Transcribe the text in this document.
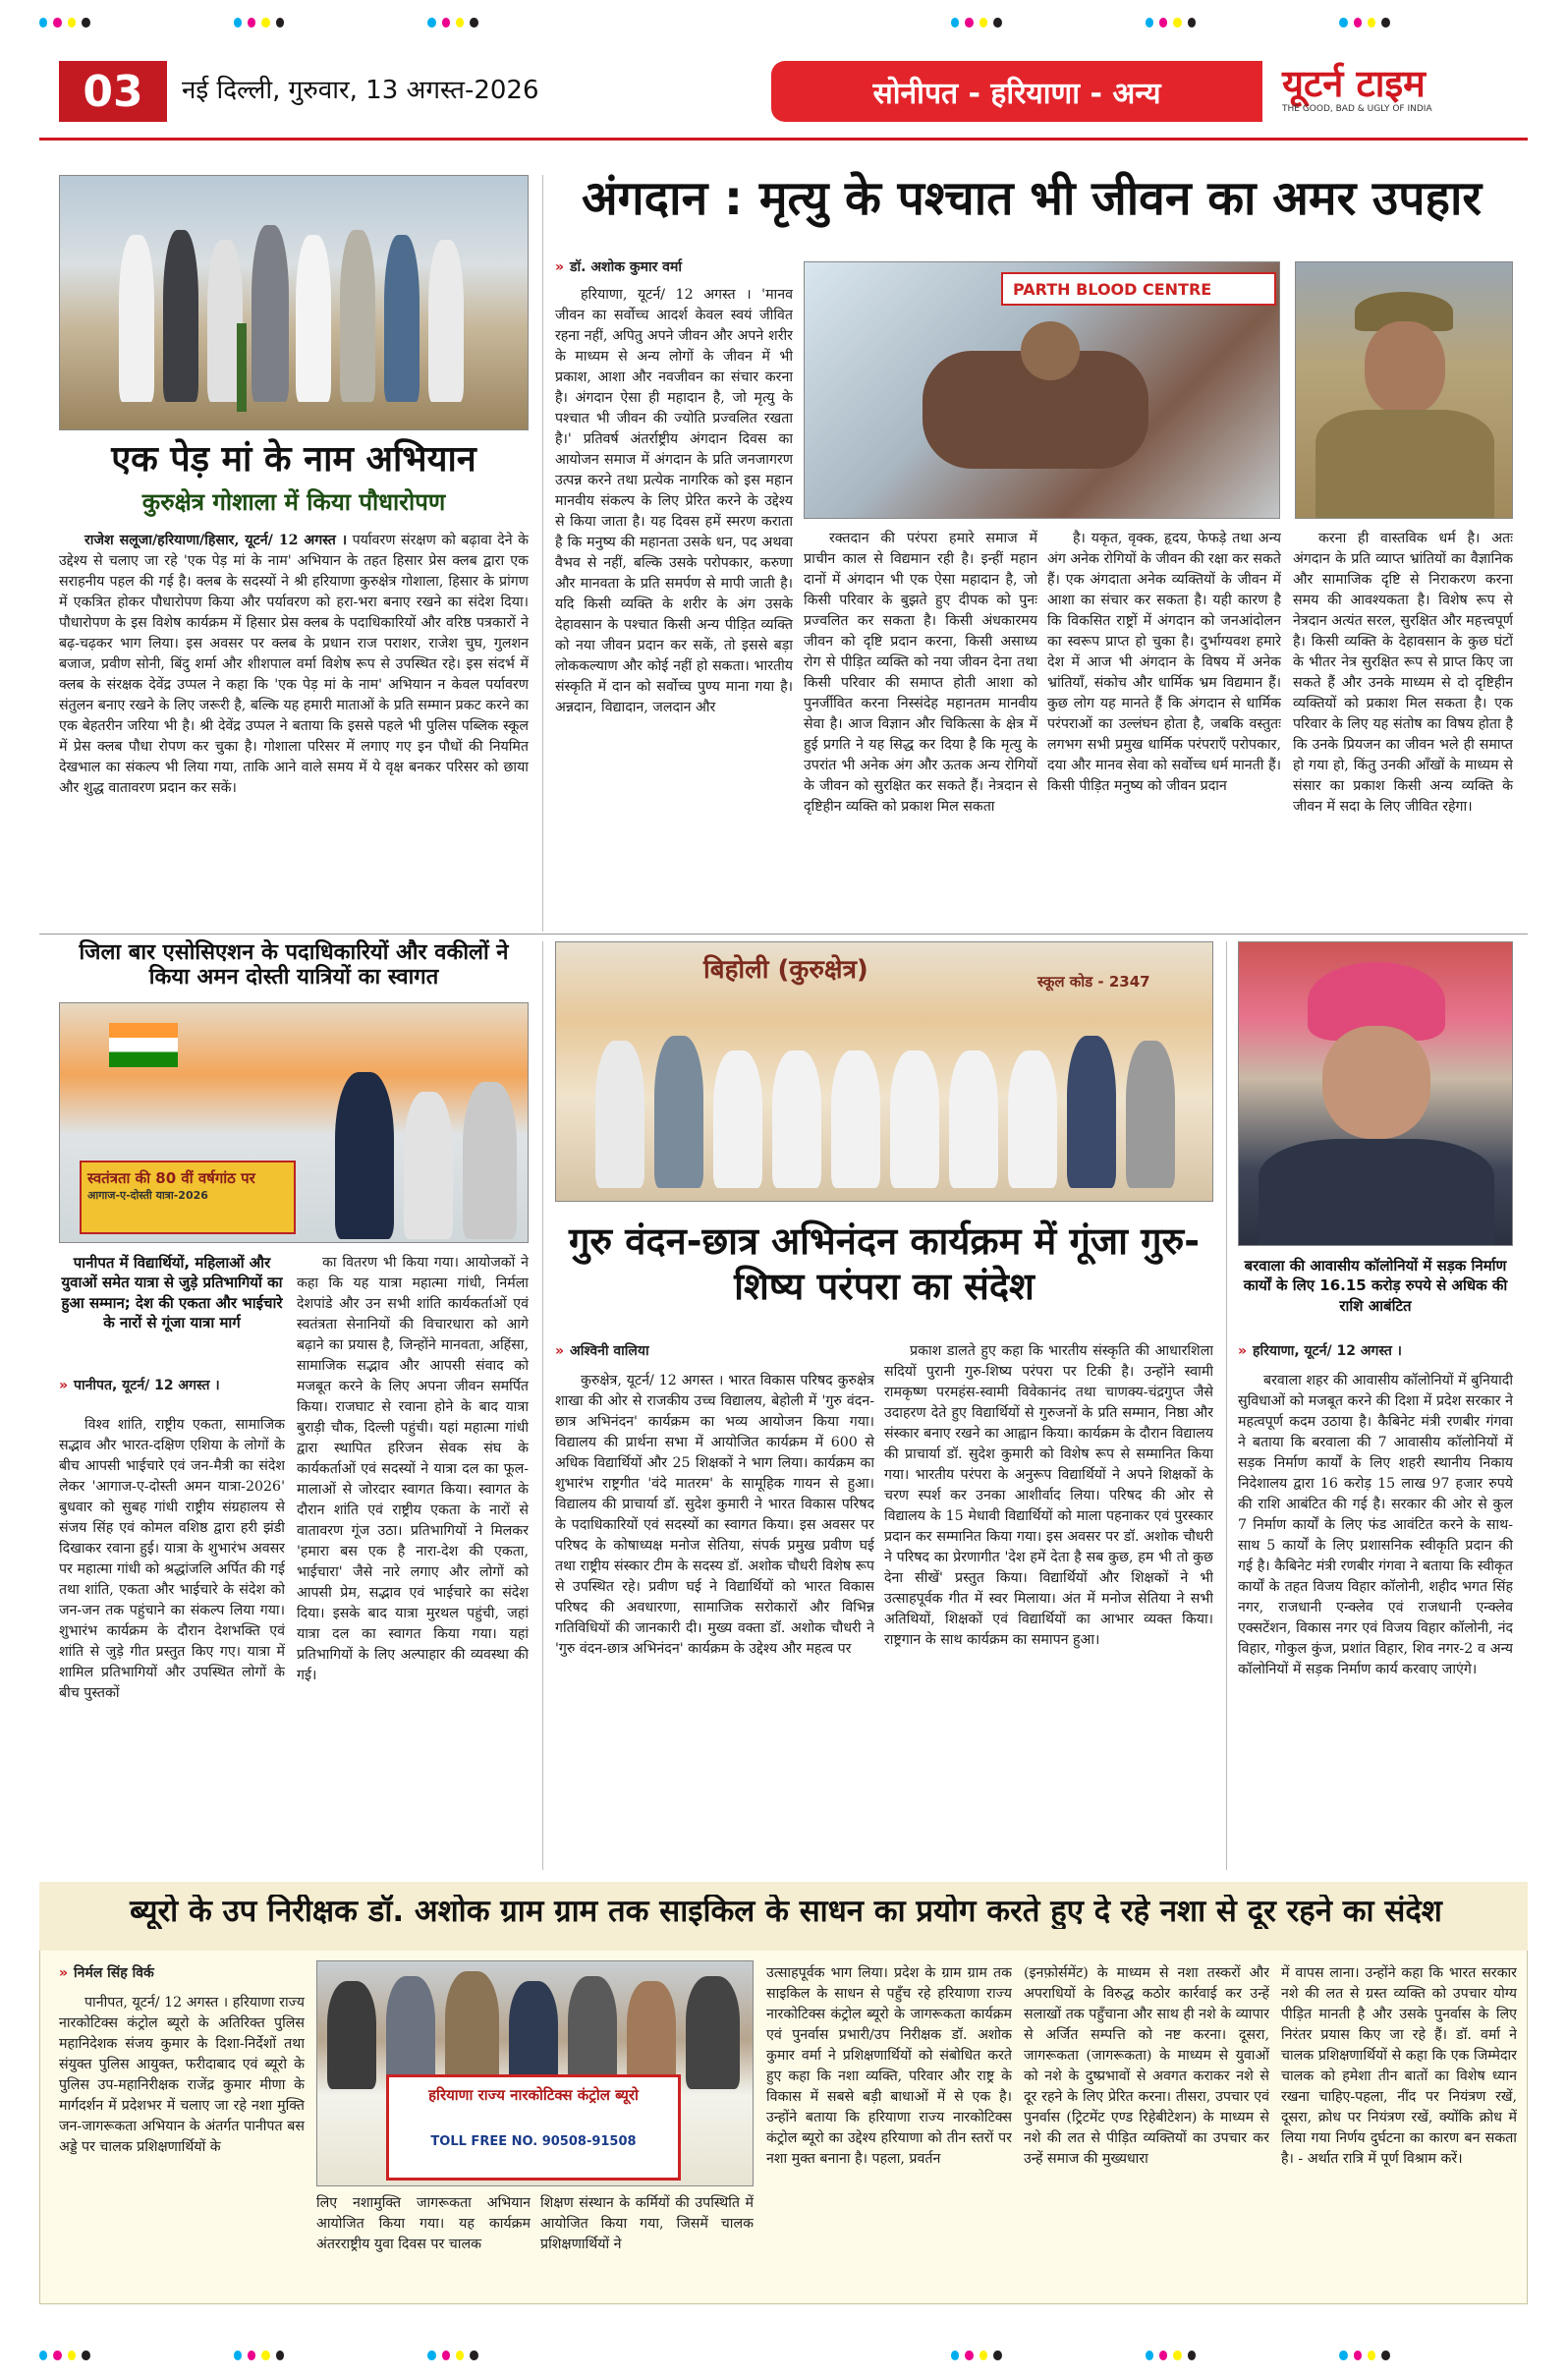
03	नई दिल्ली, गुरुवार, 13 अगस्त-2026	सोनीपत - हरियाणा - अन्य	यूटर्न टाइम
THE GOOD, BAD & UGLY OF INDIA
एक पेड़ मां के नाम अभियान
कुरुक्षेत्र गोशाला में किया पौधारोपण

राजेश सलूजा/हरियाणा/हिसार, यूटर्न/ 12 अगस्त । पर्यावरण संरक्षण को बढ़ावा देने के उद्देश्य से चलाए जा रहे 'एक पेड़ मां के नाम' अभियान के तहत हिसार प्रेस क्लब द्वारा एक सराहनीय पहल की गई है। क्लब के सदस्यों ने श्री हरियाणा कुरुक्षेत्र गोशाला, हिसार के प्रांगण में एकत्रित होकर पौधारोपण किया और पर्यावरण को हरा-भरा बनाए रखने का संदेश दिया। पौधारोपण के इस विशेष कार्यक्रम में हिसार प्रेस क्लब के पदाधिकारियों और वरिष्ठ पत्रकारों ने बढ़-चढ़कर भाग लिया। इस अवसर पर क्लब के प्रधान राज पराशर, राजेश चुघ, गुलशन बजाज, प्रवीण सोनी, बिंदु शर्मा और शीशपाल वर्मा विशेष रूप से उपस्थित रहे। इस संदर्भ में क्लब के संरक्षक देवेंद्र उप्पल ने कहा कि 'एक पेड़ मां के नाम' अभियान न केवल पर्यावरण संतुलन बनाए रखने के लिए जरूरी है, बल्कि यह हमारी माताओं के प्रति सम्मान प्रकट करने का एक बेहतरीन जरिया भी है। श्री देवेंद्र उप्पल ने बताया कि इससे पहले भी पुलिस पब्लिक स्कूल में प्रेस क्लब पौधा रोपण कर चुका है। गोशाला परिसर में लगाए गए इन पौधों की नियमित देखभाल का संकल्प भी लिया गया, ताकि आने वाले समय में ये वृक्ष बनकर परिसर को छाया और शुद्ध वातावरण प्रदान कर सकें।

अंगदान : मृत्यु के पश्चात भी जीवन का अमर उपहार
» डॉ. अशोक कुमार वर्मा

हरियाणा, यूटर्न/ 12 अगस्त । 'मानव जीवन का सर्वोच्च आदर्श केवल स्वयं जीवित रहना नहीं, अपितु अपने जीवन और अपने शरीर के माध्यम से अन्य लोगों के जीवन में भी प्रकाश, आशा और नवजीवन का संचार करना है। अंगदान ऐसा ही महादान है, जो मृत्यु के पश्चात भी जीवन की ज्योति प्रज्वलित रखता है।' प्रतिवर्ष अंतर्राष्ट्रीय अंगदान दिवस का आयोजन समाज में अंगदान के प्रति जनजागरण उत्पन्न करने तथा प्रत्येक नागरिक को इस महान मानवीय संकल्प के लिए प्रेरित करने के उद्देश्य से किया जाता है। यह दिवस हमें स्मरण कराता है कि मनुष्य की महानता उसके धन, पद अथवा वैभव से नहीं, बल्कि उसके परोपकार, करुणा और मानवता के प्रति समर्पण से मापी जाती है। यदि किसी व्यक्ति के शरीर के अंग उसके देहावसान के पश्चात किसी अन्य पीड़ित व्यक्ति को नया जीवन प्रदान कर सकें, तो इससे बड़ा लोककल्याण और कोई नहीं हो सकता। भारतीय संस्कृति में दान को सर्वोच्च पुण्य माना गया है। अन्नदान, विद्यादान, जलदान और

PARTH BLOOD CENTRE

रक्तदान की परंपरा हमारे समाज में प्राचीन काल से विद्यमान रही है। इन्हीं महान दानों में अंगदान भी एक ऐसा महादान है, जो किसी परिवार के बुझते हुए दीपक को पुनः प्रज्वलित कर सकता है। किसी अंधकारमय जीवन को दृष्टि प्रदान करना, किसी असाध्य रोग से पीड़ित व्यक्ति को नया जीवन देना तथा किसी परिवार की समाप्त होती आशा को पुनर्जीवित करना निस्संदेह महानतम मानवीय सेवा है। आज विज्ञान और चिकित्सा के क्षेत्र में हुई प्रगति ने यह सिद्ध कर दिया है कि मृत्यु के उपरांत भी अनेक अंग और ऊतक अन्य रोगियों के जीवन को सुरक्षित कर सकते हैं। नेत्रदान से दृष्टिहीन व्यक्ति को प्रकाश मिल सकता

है। यकृत, वृक्क, हृदय, फेफड़े तथा अन्य अंग अनेक रोगियों के जीवन की रक्षा कर सकते हैं। एक अंगदाता अनेक व्यक्तियों के जीवन में आशा का संचार कर सकता है। यही कारण है कि विकसित राष्ट्रों में अंगदान को जनआंदोलन का स्वरूप प्राप्त हो चुका है। दुर्भाग्यवश हमारे देश में आज भी अंगदान के विषय में अनेक भ्रांतियाँ, संकोच और धार्मिक भ्रम विद्यमान हैं। कुछ लोग यह मानते हैं कि अंगदान से धार्मिक परंपराओं का उल्लंघन होता है, जबकि वस्तुतः लगभग सभी प्रमुख धार्मिक परंपराएँ परोपकार, दया और मानव सेवा को सर्वोच्च धर्म मानती हैं। किसी पीड़ित मनुष्य को जीवन प्रदान

करना ही वास्तविक धर्म है। अतः अंगदान के प्रति व्याप्त भ्रांतियों का वैज्ञानिक और सामाजिक दृष्टि से निराकरण करना समय की आवश्यकता है। विशेष रूप से नेत्रदान अत्यंत सरल, सुरक्षित और महत्त्वपूर्ण है। किसी व्यक्ति के देहावसान के कुछ घंटों के भीतर नेत्र सुरक्षित रूप से प्राप्त किए जा सकते हैं और उनके माध्यम से दो दृष्टिहीन व्यक्तियों को प्रकाश मिल सकता है। एक परिवार के लिए यह संतोष का विषय होता है कि उनके प्रियजन का जीवन भले ही समाप्त हो गया हो, किंतु उनकी आँखों के माध्यम से संसार का प्रकाश किसी अन्य व्यक्ति के जीवन में सदा के लिए जीवित रहेगा।

जिला बार एसोसिएशन के पदाधिकारियों और वकीलों ने किया अमन दोस्ती यात्रियों का स्वागत
स्वतंत्रता की 80 वीं वर्षगांठ पर
आगाज-ए-दोस्ती यात्रा-2026
पानीपत में विद्यार्थियों, महिलाओं और युवाओं समेत यात्रा से जुड़े प्रतिभागियों का हुआ सम्मान; देश की एकता और भाईचारे के नारों से गूंजा यात्रा मार्ग
» पानीपत, यूटर्न/ 12 अगस्त ।

विश्व शांति, राष्ट्रीय एकता, सामाजिक सद्भाव और भारत-दक्षिण एशिया के लोगों के बीच आपसी भाईचारे एवं जन-मैत्री का संदेश लेकर 'आगाज-ए-दोस्ती अमन यात्रा-2026' बुधवार को सुबह गांधी राष्ट्रीय संग्रहालय से संजय सिंह एवं कोमल वशिष्ठ द्वारा हरी झंडी दिखाकर रवाना हुई। यात्रा के शुभारंभ अवसर पर महात्मा गांधी को श्रद्धांजलि अर्पित की गई तथा शांति, एकता और भाईचारे के संदेश को जन-जन तक पहुंचाने का संकल्प लिया गया। शुभारंभ कार्यक्रम के दौरान देशभक्ति एवं शांति से जुड़े गीत प्रस्तुत किए गए। यात्रा में शामिल प्रतिभागियों और उपस्थित लोगों के बीच पुस्तकों

का वितरण भी किया गया। आयोजकों ने कहा कि यह यात्रा महात्मा गांधी, निर्मला देशपांडे और उन सभी शांति कार्यकर्ताओं एवं स्वतंत्रता सेनानियों की विचारधारा को आगे बढ़ाने का प्रयास है, जिन्होंने मानवता, अहिंसा, सामाजिक सद्भाव और आपसी संवाद को मजबूत करने के लिए अपना जीवन समर्पित किया। राजघाट से रवाना होने के बाद यात्रा बुराड़ी चौक, दिल्ली पहुंची। यहां महात्मा गांधी द्वारा स्थापित हरिजन सेवक संघ के कार्यकर्ताओं एवं सदस्यों ने यात्रा दल का फूल-मालाओं से जोरदार स्वागत किया। स्वागत के दौरान शांति एवं राष्ट्रीय एकता के नारों से वातावरण गूंज उठा। प्रतिभागियों ने मिलकर 'हमारा बस एक है नारा-देश की एकता, भाईचारा' जैसे नारे लगाए और लोगों को आपसी प्रेम, सद्भाव एवं भाईचारे का संदेश दिया। इसके बाद यात्रा मुरथल पहुंची, जहां यात्रा दल का स्वागत किया गया। यहां प्रतिभागियों के लिए अल्पाहार की व्यवस्था की गई।

बिहोली (कुरुक्षेत्र)	स्कूल कोड - 2347
गुरु वंदन-छात्र अभिनंदन कार्यक्रम में गूंजा गुरु-शिष्य परंपरा का संदेश
» अश्विनी वालिया

कुरुक्षेत्र, यूटर्न/ 12 अगस्त । भारत विकास परिषद कुरुक्षेत्र शाखा की ओर से राजकीय उच्च विद्यालय, बेहोली में 'गुरु वंदन-छात्र अभिनंदन' कार्यक्रम का भव्य आयोजन किया गया। विद्यालय की प्रार्थना सभा में आयोजित कार्यक्रम में 600 से अधिक विद्यार्थियों और 25 शिक्षकों ने भाग लिया। कार्यक्रम का शुभारंभ राष्ट्रगीत 'वंदे मातरम' के सामूहिक गायन से हुआ। विद्यालय की प्राचार्या डॉ. सुदेश कुमारी ने भारत विकास परिषद के पदाधिकारियों एवं सदस्यों का स्वागत किया। इस अवसर पर परिषद के कोषाध्यक्ष मनोज सेतिया, संपर्क प्रमुख प्रवीण घई तथा राष्ट्रीय संस्कार टीम के सदस्य डॉ. अशोक चौधरी विशेष रूप से उपस्थित रहे। प्रवीण घई ने विद्यार्थियों को भारत विकास परिषद की अवधारणा, सामाजिक सरोकारों और विभिन्न गतिविधियों की जानकारी दी। मुख्य वक्ता डॉ. अशोक चौधरी ने 'गुरु वंदन-छात्र अभिनंदन' कार्यक्रम के उद्देश्य और महत्व पर

प्रकाश डालते हुए कहा कि भारतीय संस्कृति की आधारशिला सदियों पुरानी गुरु-शिष्य परंपरा पर टिकी है। उन्होंने स्वामी रामकृष्ण परमहंस-स्वामी विवेकानंद तथा चाणक्य-चंद्रगुप्त जैसे उदाहरण देते हुए विद्यार्थियों से गुरुजनों के प्रति सम्मान, निष्ठा और संस्कार बनाए रखने का आह्वान किया। कार्यक्रम के दौरान विद्यालय की प्राचार्या डॉ. सुदेश कुमारी को विशेष रूप से सम्मानित किया गया। भारतीय परंपरा के अनुरूप विद्यार्थियों ने अपने शिक्षकों के चरण स्पर्श कर उनका आशीर्वाद लिया। परिषद की ओर से विद्यालय के 15 मेधावी विद्यार्थियों को माला पहनाकर एवं पुरस्कार प्रदान कर सम्मानित किया गया। इस अवसर पर डॉ. अशोक चौधरी ने परिषद का प्रेरणागीत 'देश हमें देता है सब कुछ, हम भी तो कुछ देना सीखें' प्रस्तुत किया। विद्यार्थियों और शिक्षकों ने भी उत्साहपूर्वक गीत में स्वर मिलाया। अंत में मनोज सेतिया ने सभी अतिथियों, शिक्षकों एवं विद्यार्थियों का आभार व्यक्त किया। राष्ट्रगान के साथ कार्यक्रम का समापन हुआ।

बरवाला की आवासीय कॉलोनियों में सड़क निर्माण कार्यों के लिए 16.15 करोड़ रुपये से अधिक की राशि आबंटित
» हरियाणा, यूटर्न/ 12 अगस्त ।

बरवाला शहर की आवासीय कॉलोनियों में बुनियादी सुविधाओं को मजबूत करने की दिशा में प्रदेश सरकार ने महत्वपूर्ण कदम उठाया है। कैबिनेट मंत्री रणबीर गंगवा ने बताया कि बरवाला की 7 आवासीय कॉलोनियों में सड़क निर्माण कार्यों के लिए शहरी स्थानीय निकाय निदेशालय द्वारा 16 करोड़ 15 लाख 97 हजार रुपये की राशि आबंटित की गई है। सरकार की ओर से कुल 7 निर्माण कार्यों के लिए फंड आवंटित करने के साथ-साथ 5 कार्यों के लिए प्रशासनिक स्वीकृति प्रदान की गई है। कैबिनेट मंत्री रणबीर गंगवा ने बताया कि स्वीकृत कार्यों के तहत विजय विहार कॉलोनी, शहीद भगत सिंह नगर, राजधानी एन्क्लेव एवं राजधानी एन्क्लेव एक्सटेंशन, विकास नगर एवं विजय विहार कॉलोनी, नंद विहार, गोकुल कुंज, प्रशांत विहार, शिव नगर-2 व अन्य कॉलोनियों में सड़क निर्माण कार्य करवाए जाएंगे।

ब्यूरो के उप निरीक्षक डॉ. अशोक ग्राम ग्राम तक साइकिल के साधन का प्रयोग करते हुए दे रहे नशा से दूर रहने का संदेश
» निर्मल सिंह विर्क

पानीपत, यूटर्न/ 12 अगस्त । हरियाणा राज्य नारकोटिक्स कंट्रोल ब्यूरो के अतिरिक्त पुलिस महानिदेशक संजय कुमार के दिशा-निर्देशों तथा संयुक्त पुलिस आयुक्त, फरीदाबाद एवं ब्यूरो के पुलिस उप-महानिरीक्षक राजेंद्र कुमार मीणा के मार्गदर्शन में प्रदेशभर में चलाए जा रहे नशा मुक्ति जन-जागरूकता अभियान के अंतर्गत पानीपत बस अड्डे पर चालक प्रशिक्षणार्थियों के

हरियाणा राज्य नारकोटिक्स कंट्रोल ब्यूरो
TOLL FREE NO. 90508-91508

लिए नशामुक्ति जागरूकता अभियान आयोजित किया गया। यह कार्यक्रम अंतरराष्ट्रीय युवा दिवस पर चालक

शिक्षण संस्थान के कर्मियों की उपस्थिति में आयोजित किया गया, जिसमें चालक प्रशिक्षणार्थियों ने

उत्साहपूर्वक भाग लिया। प्रदेश के ग्राम ग्राम तक साइकिल के साधन से पहुँच रहे हरियाणा राज्य नारकोटिक्स कंट्रोल ब्यूरो के जागरूकता कार्यक्रम एवं पुनर्वास प्रभारी/उप निरीक्षक डॉ. अशोक कुमार वर्मा ने प्रशिक्षणार्थियों को संबोधित करते हुए कहा कि नशा व्यक्ति, परिवार और राष्ट्र के विकास में सबसे बड़ी बाधाओं में से एक है। उन्होंने बताया कि हरियाणा राज्य नारकोटिक्स कंट्रोल ब्यूरो का उद्देश्य हरियाणा को तीन स्तरों पर नशा मुक्त बनाना है। पहला, प्रवर्तन

(इनफ़ोर्समेंट) के माध्यम से नशा तस्करों और अपराधियों के विरुद्ध कठोर कार्रवाई कर उन्हें सलाखों तक पहुँचाना और साथ ही नशे के व्यापार से अर्जित सम्पत्ति को नष्ट करना। दूसरा, जागरूकता (जागरूकता) के माध्यम से युवाओं को नशे के दुष्प्रभावों से अवगत कराकर नशे से दूर रहने के लिए प्रेरित करना। तीसरा, उपचार एवं पुनर्वास (ट्रिटमेंट एण्ड रिहेबीटेशन) के माध्यम से नशे की लत से पीड़ित व्यक्तियों का उपचार कर उन्हें समाज की मुख्यधारा

में वापस लाना। उन्होंने कहा कि भारत सरकार नशे की लत से ग्रस्त व्यक्ति को उपचार योग्य पीड़ित मानती है और उसके पुनर्वास के लिए निरंतर प्रयास किए जा रहे हैं। डॉ. वर्मा ने चालक प्रशिक्षणार्थियों से कहा कि एक जिम्मेदार चालक को हमेशा तीन बातों का विशेष ध्यान रखना चाहिए-पहला, नींद पर नियंत्रण रखें, दूसरा, क्रोध पर नियंत्रण रखें, क्योंकि क्रोध में लिया गया निर्णय दुर्घटना का कारण बन सकता है। - अर्थात रात्रि में पूर्ण विश्राम करें।
